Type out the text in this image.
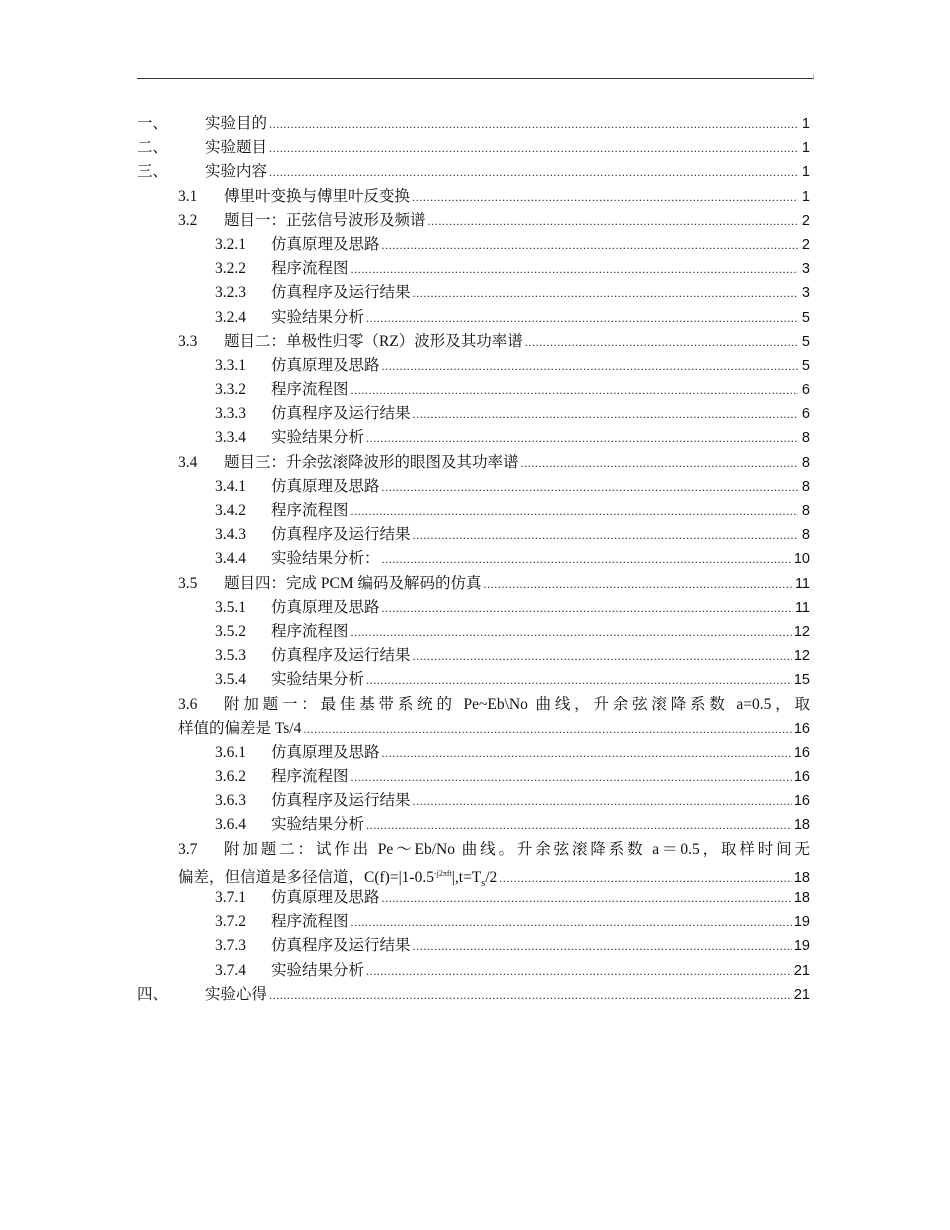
一、	实验目的 .....	1
二、	实验题目 .....	1
三、	实验内容 .....	1
3.1	傅里叶变换与傅里叶反变换 .....	1
3.2	题目一：正弦信号波形及频谱 .....	2
3.2.1	仿真原理及思路 .....	2
3.2.2	程序流程图 .....	3
3.2.3	仿真程序及运行结果 .....	3
3.2.4	实验结果分析 .....	5
3.3	题目二：单极性归零（RZ）波形及其功率谱 .....	5
3.3.1	仿真原理及思路 .....	5
3.3.2	程序流程图 .....	6
3.3.3	仿真程序及运行结果 .....	6
3.3.4	实验结果分析 .....	8
3.4	题目三：升余弦滚降波形的眼图及其功率谱 .....	8
3.4.1	仿真原理及思路 .....	8
3.4.2	程序流程图 .....	8
3.4.3	仿真程序及运行结果 .....	8
3.4.4	实验结果分析： .....	10
3.5	题目四：完成 PCM 编码及解码的仿真 .....	11
3.5.1	仿真原理及思路 .....	11
3.5.2	程序流程图 .....	12
3.5.3	仿真程序及运行结果 .....	12
3.5.4	实验结果分析 .....	15
3.6	附加题一：最佳基带系统的 Pe~Eb\No 曲线，升余弦滚降系数 a=0.5，取
样值的偏差是 Ts/4 .....	16
3.6.1	仿真原理及思路 .....	16
3.6.2	程序流程图 .....	16
3.6.3	仿真程序及运行结果 .....	16
3.6.4	实验结果分析 .....	18
3.7	附加题二：试作出 Pe～Eb/No 曲线。升余弦滚降系数 a＝0.5，取样时间无
偏差，但信道是多径信道，$C(f)=|1-0.5^{-j2\pi ft}|,t=T_s/2$ .....	18
3.7.1	仿真原理及思路 .....	18
3.7.2	程序流程图 .....	19
3.7.3	仿真程序及运行结果 .....	19
3.7.4	实验结果分析 .....	21
四、	实验心得 .....	21
